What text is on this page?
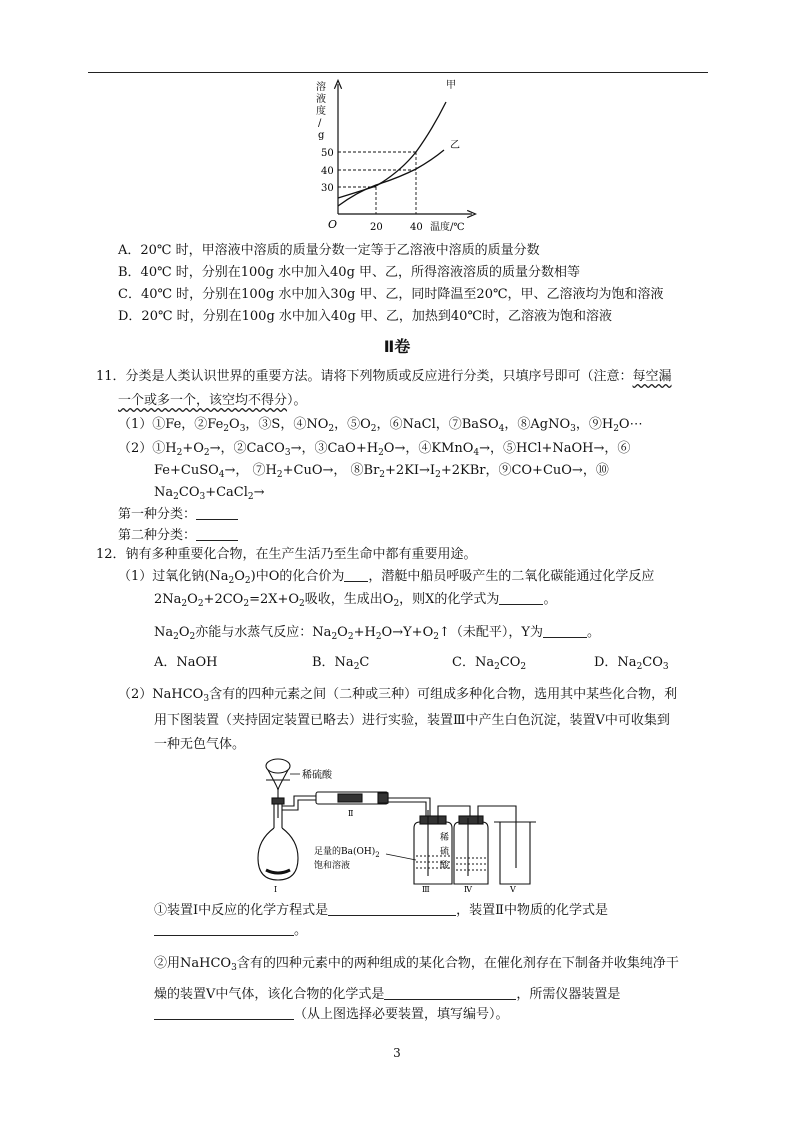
溶
液
度
/
g
50
40
30
O	20	40 温度/℃
甲
乙
A．20℃ 时，甲溶液中溶质的质量分数一定等于乙溶液中溶质的质量分数
B．40℃ 时，分别在100g 水中加入40g 甲、乙，所得溶液溶质的质量分数相等
C．40℃ 时，分别在100g 水中加入30g 甲、乙，同时降温至20℃，甲、乙溶液均为饱和溶液
D．20℃ 时，分别在100g 水中加入40g 甲、乙，加热到40℃时，乙溶液为饱和溶液
Ⅱ卷
11．分类是人类认识世界的重要方法。请将下列物质或反应进行分类，只填序号即可（注意：每空漏
一个或多一个，该空均不得分）。
（1）①Fe，$②Fe_2O_3$，③S，$④NO_2$，$⑤O_2$，⑥NaCl，⑦BaSO$_4$，⑧AgNO$_3$，$⑨H_2O\cdots$
$(2)①H_2+O_2\to$，②CaCO$_3$→，$③CaO+H_2O\to$，④KMnO$_4$→，⑤HCl+NaOH→，⑥
Fe+CuSO$_4$→， $⑦H_2+CuO\to$， $⑧Br_2+2KI\to I_2+2KBr$，⑨CO+CuO→，⑩
$Na_2CO_3+CaCl_2\to$
第一种分类：
第二种分类：
12．钠有多种重要化合物，在生产生活乃至生命中都有重要用途。
（1）过氧化钠$(Na_2O_2)$中O的化合价为 ，潜艇中船员呼吸产生的二氧化碳能通过化学反应
$2Na_2O_2+2CO_2=2X+O_2$吸收，生成出$O_2$，则X的化学式为	。
$Na_2O_2$亦能与水蒸气反应：$Na_2O_2+H_2O\to Y+O_2↑$（未配平），Y为	。
A．NaOH	B．$Na_2C$	C．$Na_2CO_2$	D．$Na_2CO_3$
（2）NaHCO$_3$含有的四种元素之间（二种或三种）可组成多种化合物，选用其中某些化合物，利
用下图装置（夹持固定装置已略去）进行实验，装置Ⅲ中产生白色沉淀，装置Ⅴ中可收集到
一种无色气体。
稀硫酸
足量的$Ba(OH)_2$
饱和溶液
稀
硫
酸
Ⅰ
Ⅱ
Ⅲ	Ⅳ	Ⅴ
①装置Ⅰ中反应的化学方程式是	，装置Ⅱ中物质的化学式是
。
②用NaHCO$_3$含有的四种元素中的两种组成的某化合物，在催化剂存在下制备并收集纯净干
燥的装置Ⅴ中气体，该化合物的化学式是	，所需仪器装置是
（从上图选择必要装置，填写编号）。
3
